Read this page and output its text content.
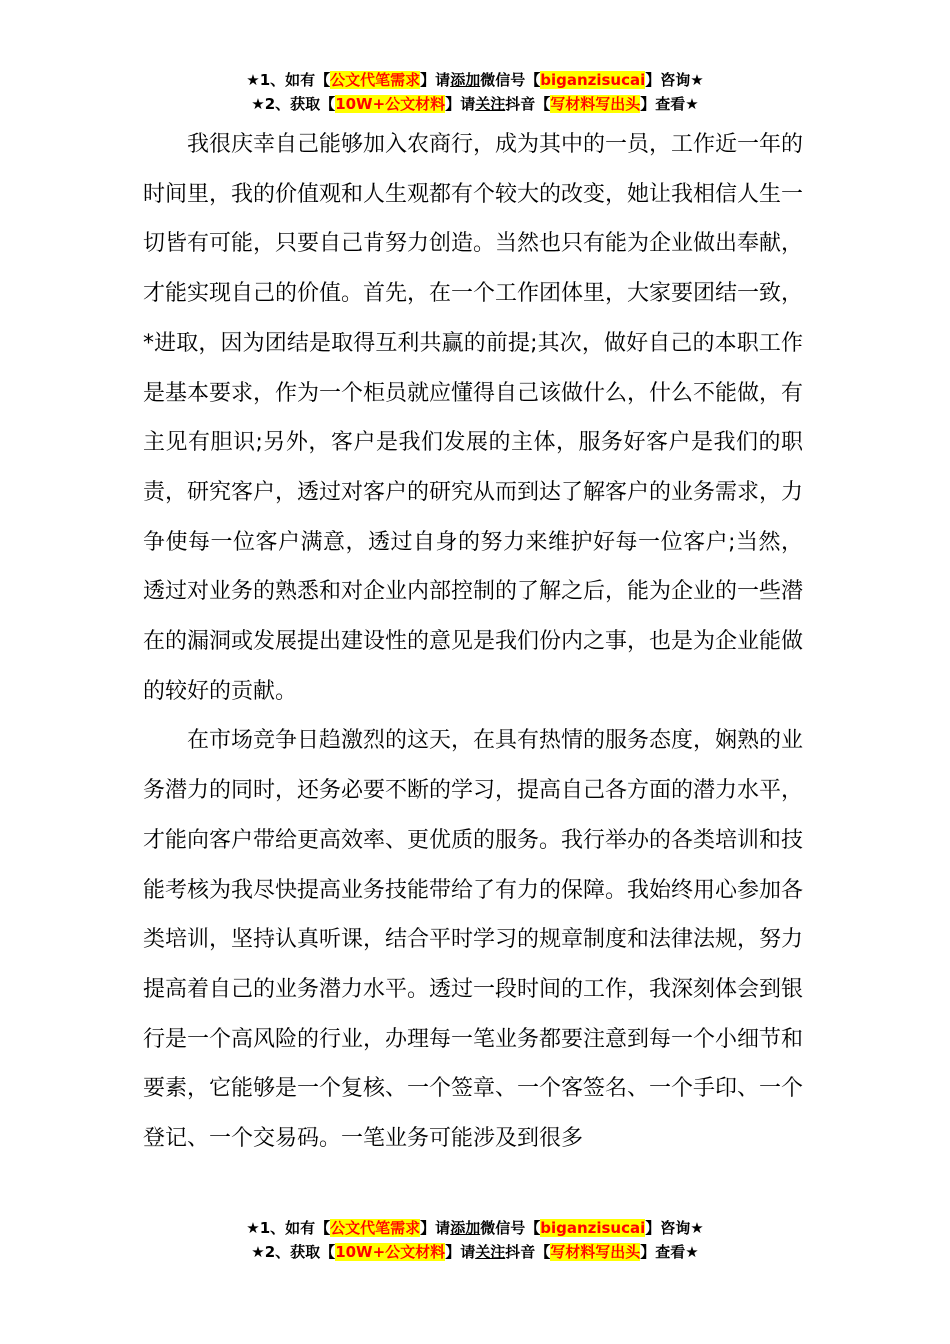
★1、如有【公文代笔需求】请添加微信号【biganzisucai】咨询★
★2、获取【10W+公文材料】请关注抖音【写材料写出头】查看★

我很庆幸自己能够加入农商行，成为其中的一员，工作近一年的时间里，我的价值观和人生观都有个较大的改变，她让我相信人生一切皆有可能，只要自己肯努力创造。当然也只有能为企业做出奉献，才能实现自己的价值。首先，在一个工作团体里，大家要团结一致，*进取，因为团结是取得互利共赢的前提;其次，做好自己的本职工作是基本要求，作为一个柜员就应懂得自己该做什么，什么不能做，有主见有胆识;另外，客户是我们发展的主体，服务好客户是我们的职责，研究客户，透过对客户的研究从而到达了解客户的业务需求，力争使每一位客户满意，透过自身的努力来维护好每一位客户;当然，透过对业务的熟悉和对企业内部控制的了解之后，能为企业的一些潜在的漏洞或发展提出建设性的意见是我们份内之事，也是为企业能做的较好的贡献。

在市场竞争日趋激烈的这天，在具有热情的服务态度，娴熟的业务潜力的同时，还务必要不断的学习，提高自己各方面的潜力水平，才能向客户带给更高效率、更优质的服务。我行举办的各类培训和技能考核为我尽快提高业务技能带给了有力的保障。我始终用心参加各类培训，坚持认真听课，结合平时学习的规章制度和法律法规，努力提高着自己的业务潜力水平。透过一段时间的工作，我深刻体会到银行是一个高风险的行业，办理每一笔业务都要注意到每一个小细节和要素，它能够是一个复核、一个签章、一个客签名、一个手印、一个登记、一个交易码。一笔业务可能涉及到很多

★1、如有【公文代笔需求】请添加微信号【biganzisucai】咨询★
★2、获取【10W+公文材料】请关注抖音【写材料写出头】查看★
